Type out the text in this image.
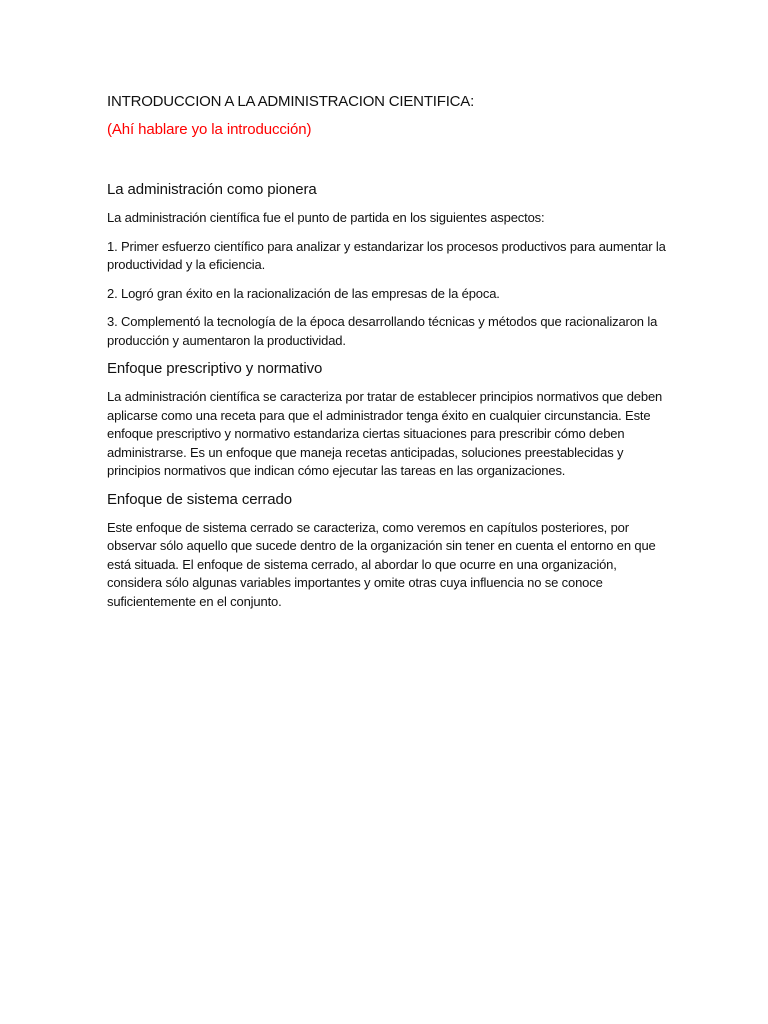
INTRODUCCION A LA ADMINISTRACION CIENTIFICA:

(Ahí hablare yo la introducción)

La administración como pionera

La administración científica fue el punto de partida en los siguientes aspectos:

1. Primer esfuerzo científico para analizar y estandarizar los procesos productivos para aumentar la productividad y la eficiencia.

2. Logró gran éxito en la racionalización de las empresas de la época.

3. Complementó la tecnología de la época desarrollando técnicas y métodos que racionalizaron la producción y aumentaron la productividad.

Enfoque prescriptivo y normativo

La administración científica se caracteriza por tratar de establecer principios normativos que deben aplicarse como una receta para que el administrador tenga éxito en cualquier circunstancia. Este enfoque prescriptivo y normativo estandariza ciertas situaciones para prescribir cómo deben administrarse. Es un enfoque que maneja recetas anticipadas, soluciones preestablecidas y principios normativos que indican cómo ejecutar las tareas en las organizaciones.

Enfoque de sistema cerrado

Este enfoque de sistema cerrado se caracteriza, como veremos en capítulos posteriores, por observar sólo aquello que sucede dentro de la organización sin tener en cuenta el entorno en que está situada. El enfoque de sistema cerrado, al abordar lo que ocurre en una organización, considera sólo algunas variables importantes y omite otras cuya influencia no se conoce suficientemente en el conjunto.
